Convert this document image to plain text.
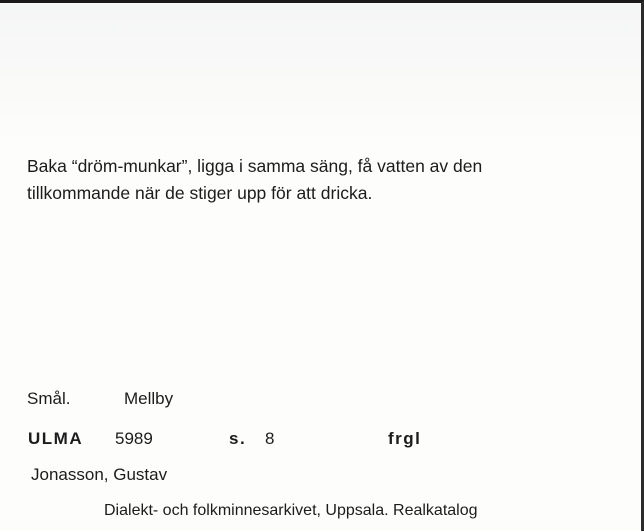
Baka “dröm-munkar”, ligga i samma säng, få vatten av den
tillkommande när de stiger upp för att dricka.

Smål.	Mellby
ULMA 5989	s. 8	frgl
Jonasson, Gustav
Dialekt- och folkminnesarkivet, Uppsala. Realkatalog
